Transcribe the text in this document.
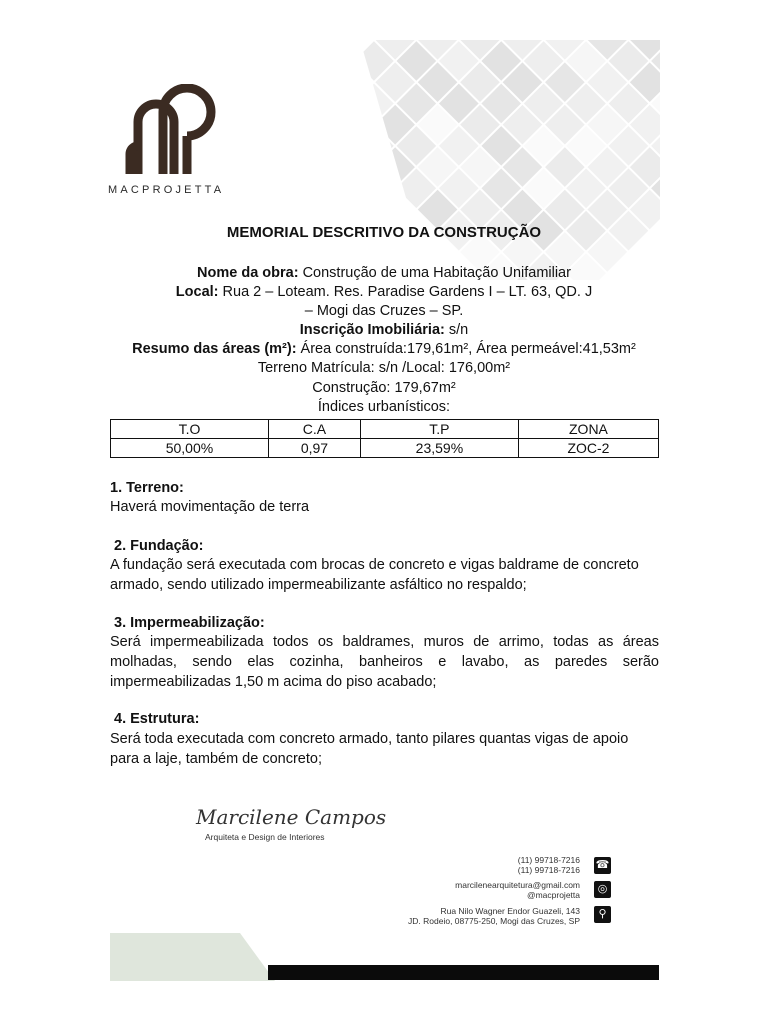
MACPROJETTA
MEMORIAL DESCRITIVO DA CONSTRUÇÃO
Nome da obra: Construção de uma Habitação Unifamiliar
Local: Rua 2 – Loteam. Res. Paradise Gardens I – LT. 63, QD. J
– Mogi das Cruzes – SP.
Inscrição Imobiliária: s/n
Resumo das áreas (m²): Área construída:179,61m², Área permeável:41,53m²
Terreno Matrícula: s/n /Local: 176,00m²
Construção: 179,67m²
Índices urbanísticos:
T.O	C.A	T.P	ZONA
50,00%	0,97	23,59%	ZOC-2
1. Terreno:
Haverá movimentação de terra
2. Fundação:
A fundação será executada com brocas de concreto e vigas baldrame de concreto armado, sendo utilizado impermeabilizante asfáltico no respaldo;
3. Impermeabilização:
Será impermeabilizada todos os baldrames, muros de arrimo, todas as áreas molhadas, sendo elas cozinha, banheiros e lavabo, as paredes serão impermeabilizadas 1,50 m acima do piso acabado;
4. Estrutura:
Será toda executada com concreto armado, tanto pilares quantas vigas de apoio para a laje, também de concreto;
Marcilene Campos
Arquiteta e Design de Interiores
(11) 99718-7216
(11) 99718-7216 ☎
marcilenearquitetura@gmail.com
@macprojetta	◎
Rua Nilo Wagner Endor Guazeli, 143
JD. Rodeio, 08775-250, Mogi das Cruzes, SP
⚲
